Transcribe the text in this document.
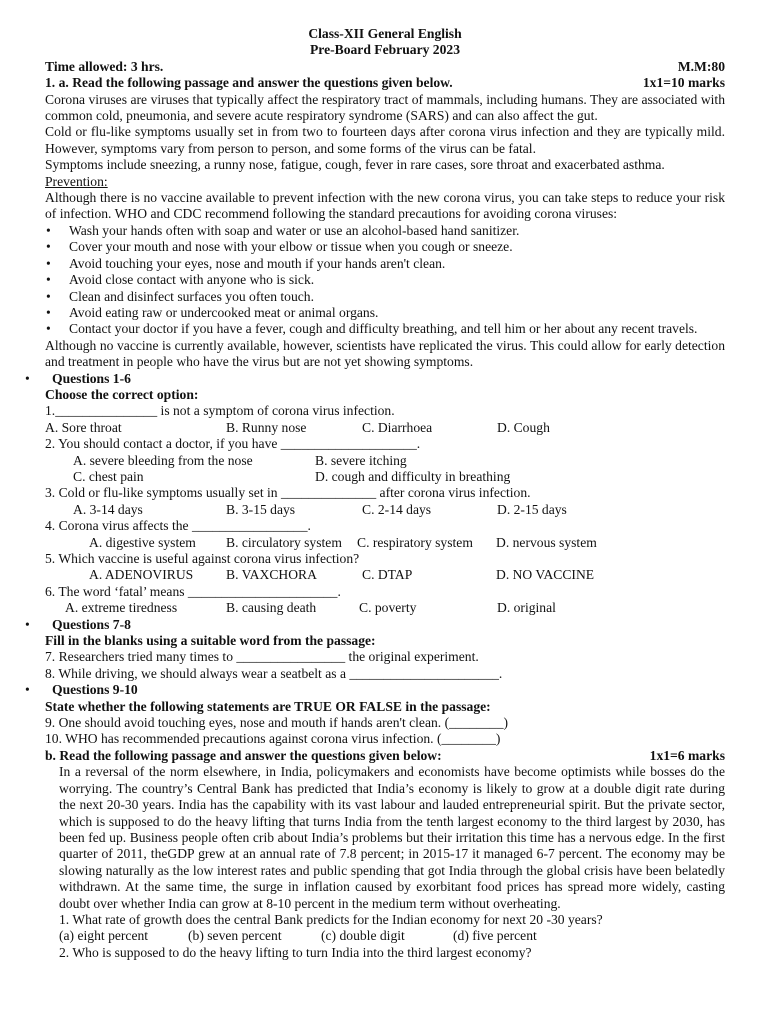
Class-XII General English
Pre-Board February 2023
Time allowed: 3 hrs.	M.M:80
1. a. Read the following passage and answer the questions given below.	1x1=10 marks
Corona viruses are viruses that typically affect the respiratory tract of mammals, including humans. They are associated with common cold, pneumonia, and severe acute respiratory syndrome (SARS) and can also affect the gut.
Cold or flu-like symptoms usually set in from two to fourteen days after corona virus infection and they are typically mild. However, symptoms vary from person to person, and some forms of the virus can be fatal.
Symptoms include sneezing, a runny nose, fatigue, cough, fever in rare cases, sore throat and exacerbated asthma.
Prevention:
Although there is no vaccine available to prevent infection with the new corona virus, you can take steps to reduce your risk of infection. WHO and CDC recommend following the standard precautions for avoiding corona viruses:
• Wash your hands often with soap and water or use an alcohol-based hand sanitizer.
• Cover your mouth and nose with your elbow or tissue when you cough or sneeze.
• Avoid touching your eyes, nose and mouth if your hands aren't clean.
• Avoid close contact with anyone who is sick.
• Clean and disinfect surfaces you often touch.
• Avoid eating raw or undercooked meat or animal organs.
• Contact your doctor if you have a fever, cough and difficulty breathing, and tell him or her about any recent travels.
Although no vaccine is currently available, however, scientists have replicated the virus. This could allow for early detection and treatment in people who have the virus but are not yet showing symptoms.
• Questions 1-6
Choose the correct option:
1._______________ is not a symptom of corona virus infection.
A. Sore throat	B. Runny nose	C. Diarrhoea	D. Cough
2. You should contact a doctor, if you have ____________________.
A. severe bleeding from the nose	B. severe itching
C. chest pain	D. cough and difficulty in breathing
3. Cold or flu-like symptoms usually set in ______________ after corona virus infection.
A. 3-14 days	B. 3-15 days	C. 2-14 days	D. 2-15 days
4. Corona virus affects the _________________.
A. digestive system	B. circulatory system	C. respiratory system	D. nervous system
5. Which vaccine is useful against corona virus infection?
A. ADENOVIRUS	B. VAXCHORA	C. DTAP	D. NO VACCINE
6. The word ‘fatal’ means ______________________.
A. extreme tiredness	B. causing death	C. poverty	D. original
• Questions 7-8
Fill in the blanks using a suitable word from the passage:
7. Researchers tried many times to ________________ the original experiment.
8. While driving, we should always wear a seatbelt as a ______________________.
• Questions 9-10
State whether the following statements are TRUE OR FALSE in the passage:
9. One should avoid touching eyes, nose and mouth if hands aren't clean. (________)
10. WHO has recommended precautions against corona virus infection. (________)
b. Read the following passage and answer the questions given below:	1x1=6 marks
In a reversal of the norm elsewhere, in India, policymakers and economists have become optimists while bosses do the worrying. The country’s Central Bank has predicted that India’s economy is likely to grow at a double digit rate during the next 20-30 years. India has the capability with its vast labour and lauded entrepreneurial spirit. But the private sector, which is supposed to do the heavy lifting that turns India from the tenth largest economy to the third largest by 2030, has been fed up. Business people often crib about India’s problems but their irritation this time has a nervous edge. In the first quarter of 2011, theGDP grew at an annual rate of 7.8 percent; in 2015-17 it managed 6-7 percent. The economy may be slowing naturally as the low interest rates and public spending that got India through the global crisis have been belatedly withdrawn. At the same time, the surge in inflation caused by exorbitant food prices has spread more widely, casting doubt over whether India can grow at 8-10 percent in the medium term without overheating.
1. What rate of growth does the central Bank predicts for the Indian economy for next 20 -30 years?
(a) eight percent	(b) seven percent	(c) double digit	(d) five percent
2. Who is supposed to do the heavy lifting to turn India into the third largest economy?
